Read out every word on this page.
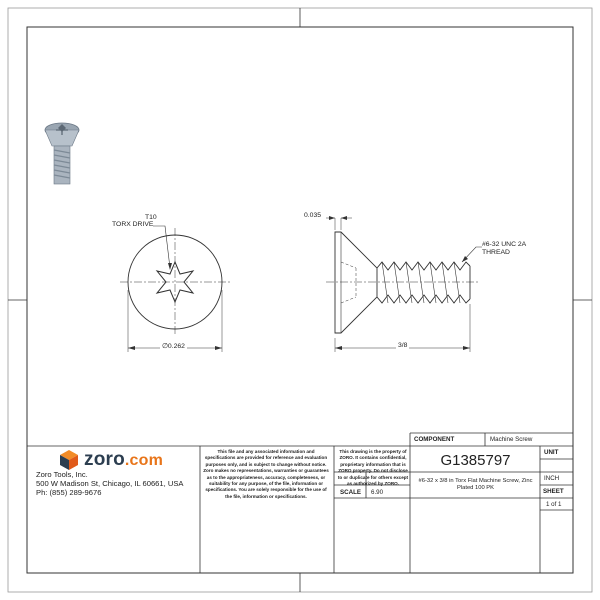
T10
TORX DRIVE
∅0.262
0.035
#6-32 UNC 2A
THREAD
3/8
zoro.com
Zoro Tools, Inc.
500 W Madison St, Chicago, IL 60661, USA
Ph: (855) 289-9676
This file and any associated information and specifications are provided for reference and evaluation purposes only, and is subject to change without notice. Zoro makes no representations, warranties or guarantees as to the appropriateness, accuracy, completeness, or suitability for any purpose, of the file, information or specifications. You are solely responsible for the use of the file, information or specifications.
This drawing is the property of ZORO. It contains confidential, proprietary information that is ZORO property. Do not disclose to or duplicate for others except as authorized by ZORO.
SCALE 6.90
COMPONENT	Machine Screw
G1385797
#6-32 x 3/8 in Torx Flat Machine Screw, Zinc Plated 100 PK
UNIT
INCH
SHEET
1 of 1
